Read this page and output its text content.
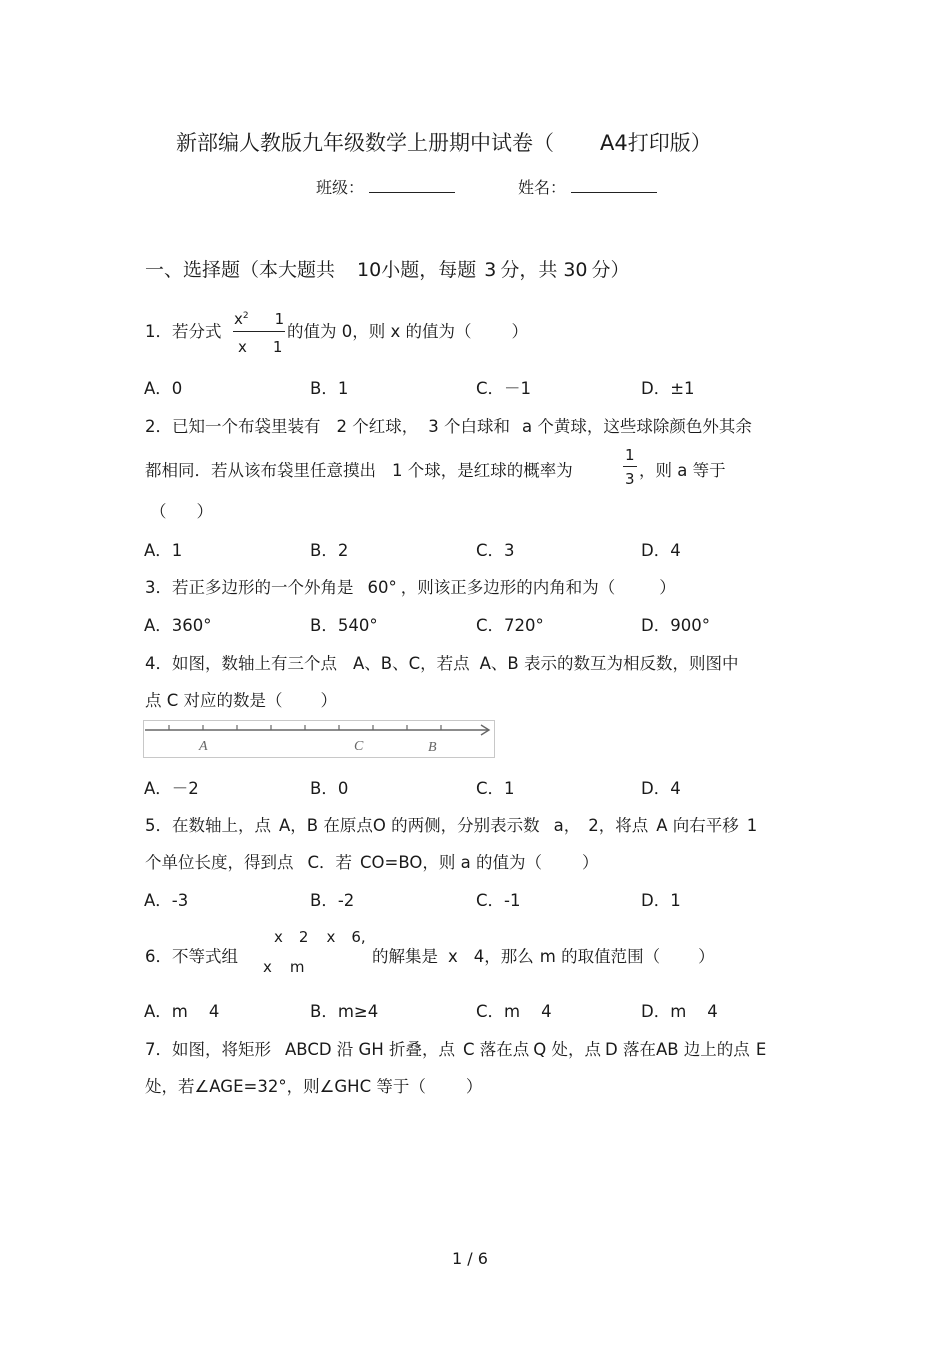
新部编人教版九年级数学上册期中试卷（ A4打印版）
班级：	姓名：
一、选择题（本大题共 10小题，每题 3 分，共 30 分）
1．若分式
$x^2$ 1
x 1
的值为 0，则 x 的值为（ ）
A．0	B．1	C．－1	D．±1
2．已知一个布袋里装有 2 个红球， 3 个白球和 a 个黄球，这些球除颜色外其余
都相同．若从该布袋里任意摸出 1 个球，是红球的概率为
1
3 ，则 a 等于
（ ）
A．1	B．2	C．3	D．4
3．若正多边形的一个外角是 60° ，则该正多边形的内角和为（	）
A．360°	B．540°	C．720°	D．900°
4．如图，数轴上有三个点 A、B、C，若点 A、B 表示的数互为相反数，则图中
点 C 对应的数是（ ）
A	C	B
A．－2	B．0	C．1	D．4
5．在数轴上，点 A，B 在原点O 的两侧，分别表示数 a， 2，将点 A 向右平移 1
个单位长度，得到点 C．若 CO=BO，则 a 的值为（ ）
A．-3	B．-2	C．-1	D．1
6．不等式组
x 2 x 6,
x m
的解集是 x 4，那么 m 的取值范围（ ）
A．m    4	B．m≥4	C．m    4	D．m    4
7．如图，将矩形 ABCD 沿 GH 折叠，点 C 落在点 Q 处，点 D 落在AB 边上的点 E
处，若∠AGE=32°，则∠GHC 等于（ ）
1 / 6
